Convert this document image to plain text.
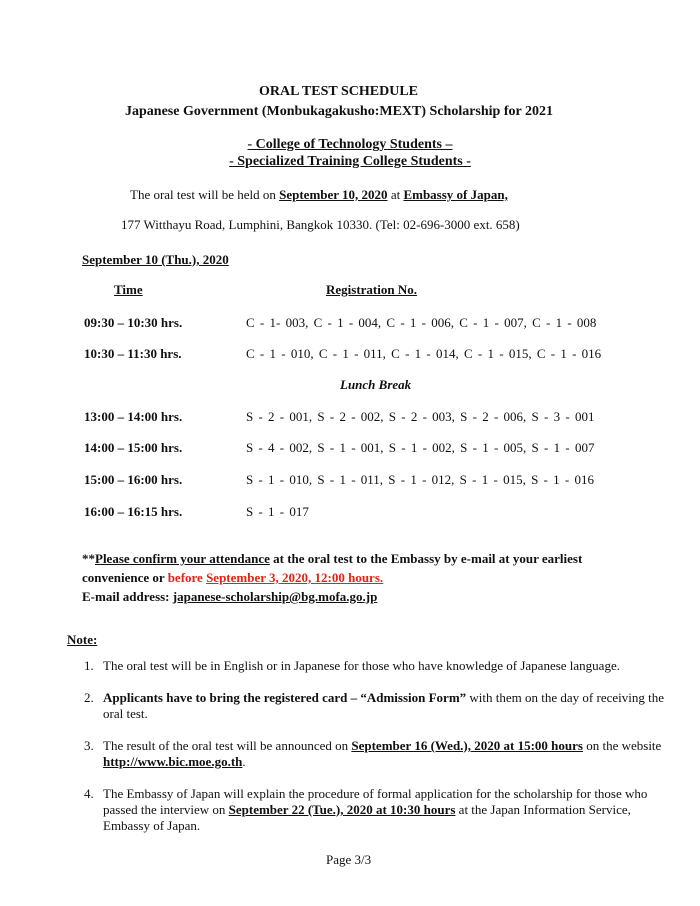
ORAL TEST SCHEDULE
Japanese Government (Monbukagakusho:MEXT) Scholarship for 2021
- College of Technology Students –
- Specialized Training College Students -
The oral test will be held on September 10, 2020 at Embassy of Japan,
177 Witthayu Road, Lumphini, Bangkok 10330. (Tel: 02-696-3000 ext. 658)
September 10 (Thu.), 2020
Time	Registration No.
09:30 – 10:30 hrs.	C - 1- 003, C - 1 - 004, C - 1 - 006, C - 1 - 007, C - 1 - 008
10:30 – 11:30 hrs.	C - 1 - 010, C - 1 - 011, C - 1 - 014, C - 1 - 015, C - 1 - 016
Lunch Break
13:00 – 14:00 hrs.	S - 2 - 001, S - 2 - 002, S - 2 - 003, S - 2 - 006, S - 3 - 001
14:00 – 15:00 hrs.	S - 4 - 002, S - 1 - 001, S - 1 - 002, S - 1 - 005, S - 1 - 007
15:00 – 16:00 hrs.	S - 1 - 010, S - 1 - 011, S - 1 - 012, S - 1 - 015, S - 1 - 016
16:00 – 16:15 hrs.	S - 1 - 017
**Please confirm your attendance at the oral test to the Embassy by e-mail at your earliest
convenience or before September 3, 2020, 12:00 hours.
E-mail address: japanese-scholarship@bg.mofa.go.jp
Note:
1. The oral test will be in English or in Japanese for those who have knowledge of Japanese language.
2. Applicants have to bring the registered card – “Admission Form” with them on the day of receiving the oral test.
3. The result of the oral test will be announced on September 16 (Wed.), 2020 at 15:00 hours on the website http://www.bic.moe.go.th.
4. The Embassy of Japan will explain the procedure of formal application for the scholarship for those who passed the interview on September 22 (Tue.), 2020 at 10:30 hours at the Japan Information Service, Embassy of Japan.
Page 3/3
